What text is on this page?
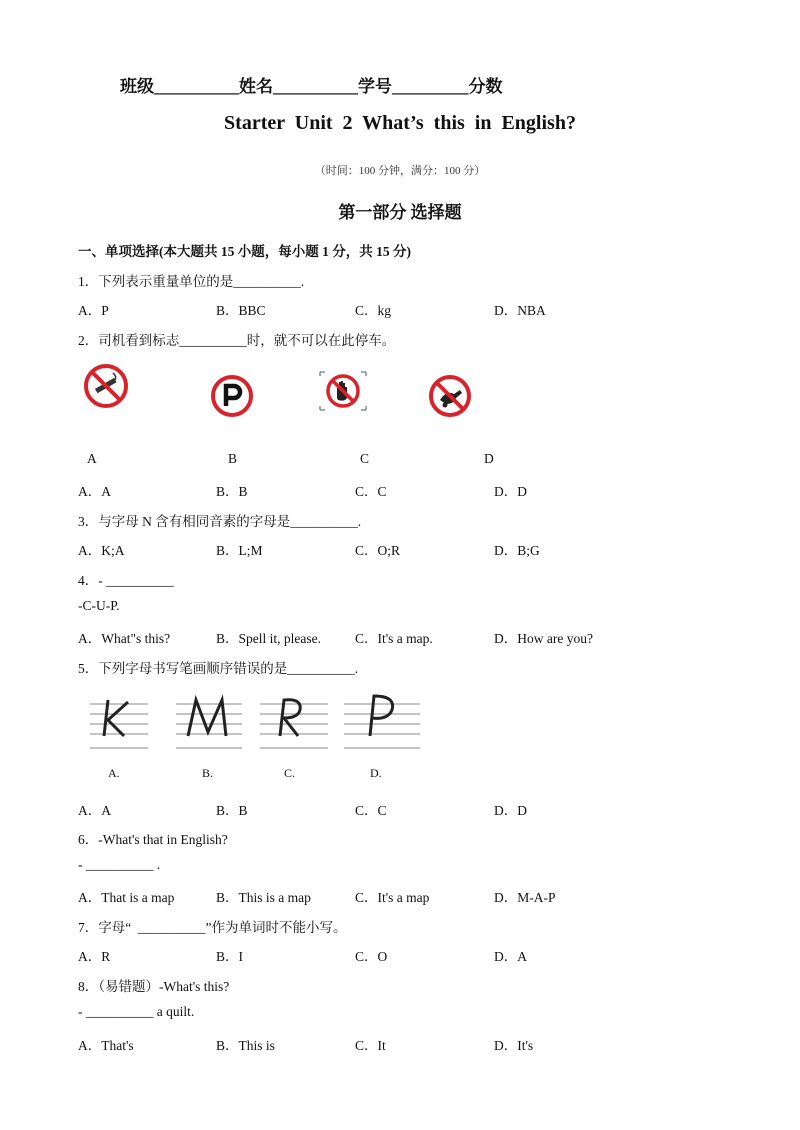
班级__________姓名__________学号_________分数
Starter  Unit  2  What’s  this  in  English?
（时间：100 分钟，满分：100 分）
第一部分 选择题
一、单项选择(本大题共 15 小题，每小题 1 分，共 15 分)
1．下列表示重量单位的是__________.
A．P	B．BBC	C．kg	D．NBA
2．司机看到标志__________时，就不可以在此停车。
A	B	C	D
A．A	B．B	C．C	D．D
3．与字母 N 含有相同音素的字母是__________.
A．K;A	B．L;M	C．O;R	D．B;G
4．- __________
-C-U-P.
A．What"s this?	B．Spell it, please.	C．It's a map.	D．How are you?
5．下列字母书写笔画顺序错误的是__________.
A.	B.	C.	D.
A．A	B．B	C．C	D．D
6．-What's that in English?
- __________ .
A．That is a map	B．This is a map	C．It's a map	D．M-A-P
7．字母“  __________”作为单词时不能小写。
A．R	B．I	C．O	D．A
8．（易错题）-What's this?
- __________ a quilt.
A．That's	B．This is	C．It	D．It's
